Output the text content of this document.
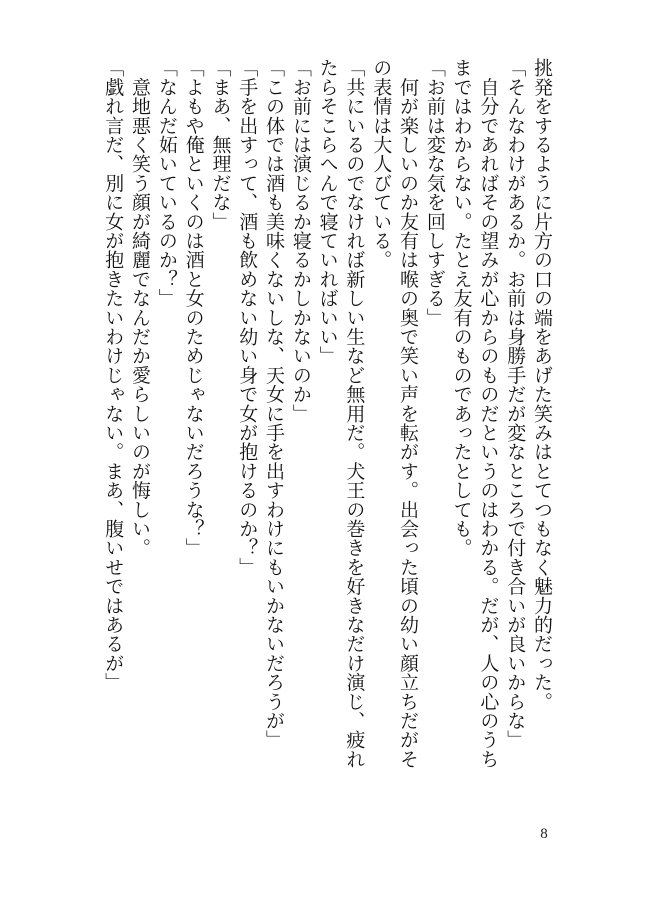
挑発をするように片方の口の端をあげた笑みはとてつもなく魅力的だった。
「そんなわけがあるか。お前は身勝手だが変なところで付き合いが良いからな」
　自分であればその望みが心からのものだというのはわかる。だが、人の心のうち
まではわからない。たとえ友有のものであったとしても。
「お前は変な気を回しすぎる」
　何が楽しいのか友有は喉の奥で笑い声を転がす。出会った頃の幼い顔立ちだがそ
の表情は大人びている。
「共にいるのでなければ新しい生など無用だ。犬王の巻きを好きなだけ演じ、疲れ
たらそこらへんで寝ていればいい」
「お前には演じるか寝るかしかないのか」
「この体では酒も美味くないしな、天女に手を出すわけにもいかないだろうが」
「手を出すって、酒も飲めない幼い身で女が抱けるのか？」
「まあ、無理だな」
「よもや俺といくのは酒と女のためじゃないだろうな？」
「なんだ妬いているのか？」
　意地悪く笑う顔が綺麗でなんだか愛らしいのが悔しい。
「戯れ言だ、別に女が抱きたいわけじゃない。まあ、腹いせではあるが」
8
